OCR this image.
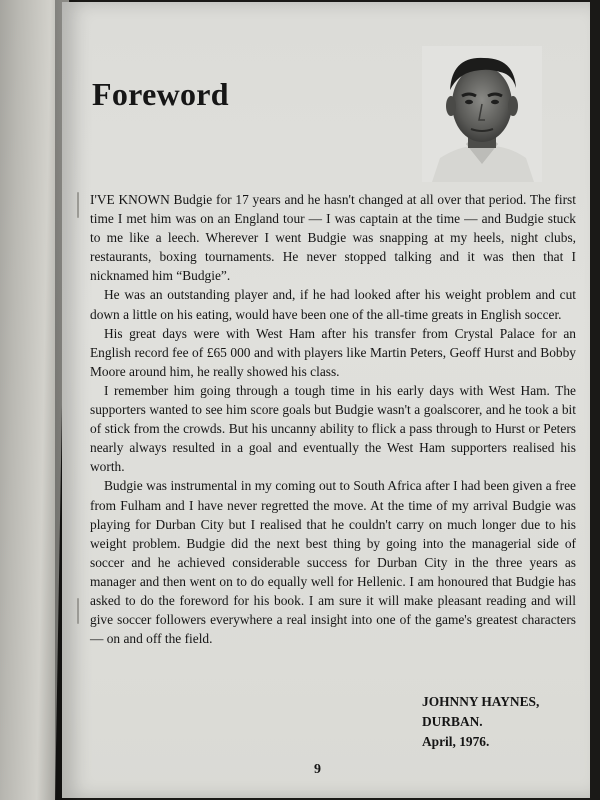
Foreword

I'VE KNOWN Budgie for 17 years and he hasn't changed at all over that period. The first time I met him was on an England tour — I was captain at the time — and Budgie stuck to me like a leech. Wherever I went Budgie was snapping at my heels, night clubs, restaurants, boxing tournaments. He never stopped talking and it was then that I nicknamed him “Budgie”.

He was an outstanding player and, if he had looked after his weight problem and cut down a little on his eating, would have been one of the all-time greats in English soccer.

His great days were with West Ham after his transfer from Crystal Palace for an English record fee of £65 000 and with players like Martin Peters, Geoff Hurst and Bobby Moore around him, he really showed his class.

I remember him going through a tough time in his early days with West Ham. The supporters wanted to see him score goals but Budgie wasn't a goalscorer, and he took a bit of stick from the crowds. But his uncanny ability to flick a pass through to Hurst or Peters nearly always resulted in a goal and eventually the West Ham supporters realised his worth.

Budgie was instrumental in my coming out to South Africa after I had been given a free from Fulham and I have never regretted the move. At the time of my arrival Budgie was playing for Durban City but I realised that he couldn't carry on much longer due to his weight problem. Budgie did the next best thing by going into the managerial side of soccer and he achieved considerable success for Durban City in the three years as manager and then went on to do equally well for Hellenic. I am honoured that Budgie has asked to do the foreword for his book. I am sure it will make pleasant reading and will give soccer followers everywhere a real insight into one of the game's greatest characters — on and off the field.

JOHNNY HAYNES,
DURBAN.
April, 1976.
9
